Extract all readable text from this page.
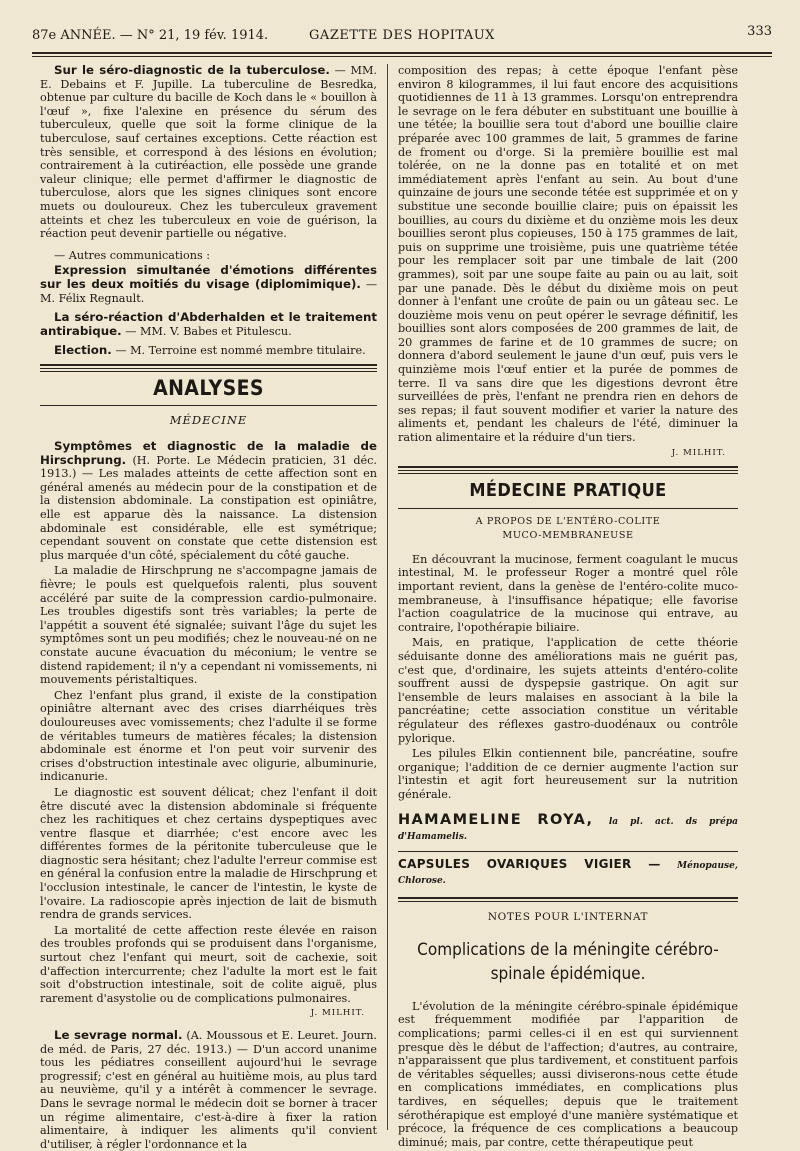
87e ANNÉE. — N° 21, 19 fév. 1914.	GAZETTE DES HOPITAUX	333

Sur le séro-diagnostic de la tuberculose. — MM. E. Debains et F. Jupille. La tuberculine de Besredka, obtenue par culture du bacille de Koch dans le « bouillon à l'œuf », fixe l'alexine en présence du sérum des tuberculeux, quelle que soit la forme clinique de la tuberculose, sauf certaines exceptions. Cette réaction est très sensible, et correspond à des lésions en évolution; contrairement à la cutiréaction, elle possède une grande valeur clinique; elle permet d'affirmer le diagnostic de tuberculose, alors que les signes cliniques sont encore muets ou douloureux. Chez les tuberculeux gravement atteints et chez les tuberculeux en voie de guérison, la réaction peut devenir partielle ou négative.

— Autres communications :

Expression simultanée d'émotions différentes sur les deux moitiés du visage (diplomimique). — M. Félix Regnault.

La séro-réaction d'Abderhalden et le traitement antirabique. — MM. V. Babes et Pitulescu.

Election. — M. Terroine est nommé membre titulaire.

ANALYSES
MÉDECINE

Symptômes et diagnostic de la maladie de Hirschprung. (H. Porte. Le Médecin praticien, 31 déc. 1913.) — Les malades atteints de cette affection sont en général amenés au médecin pour de la constipation et de la distension abdominale. La constipation est opiniâtre, elle est apparue dès la naissance. La distension abdominale est considérable, elle est symétrique; cependant souvent on constate que cette distension est plus marquée d'un côté, spécialement du côté gauche.

La maladie de Hirschprung ne s'accompagne jamais de fièvre; le pouls est quelquefois ralenti, plus souvent accéléré par suite de la compression cardio-pulmonaire. Les troubles digestifs sont très variables; la perte de l'appétit a souvent été signalée; suivant l'âge du sujet les symptômes sont un peu modifiés; chez le nouveau-né on ne constate aucune évacuation du méconium; le ventre se distend rapidement; il n'y a cependant ni vomissements, ni mouvements péristaltiques.

Chez l'enfant plus grand, il existe de la constipation opiniâtre alternant avec des crises diarrhéiques très douloureuses avec vomissements; chez l'adulte il se forme de véritables tumeurs de matières fécales; la distension abdominale est énorme et l'on peut voir survenir des crises d'obstruction intestinale avec oligurie, albuminurie, indicanurie.

Le diagnostic est souvent délicat; chez l'enfant il doit être discuté avec la distension abdominale si fréquente chez les rachitiques et chez certains dyspeptiques avec ventre flasque et diarrhée; c'est encore avec les différentes formes de la péritonite tuberculeuse que le diagnostic sera hésitant; chez l'adulte l'erreur commise est en général la confusion entre la maladie de Hirschprung et l'occlusion intestinale, le cancer de l'intestin, le kyste de l'ovaire. La radioscopie après injection de lait de bismuth rendra de grands services.

La mortalité de cette affection reste élevée en raison des troubles profonds qui se produisent dans l'organisme, surtout chez l'enfant qui meurt, soit de cachexie, soit d'affection intercurrente; chez l'adulte la mort est le fait soit d'obstruction intestinale, soit de colite aiguë, plus rarement d'asystolie ou de complications pulmonaires.

J. MILHIT.

Le sevrage normal. (A. Moussous et E. Leuret. Journ. de méd. de Paris, 27 déc. 1913.) — D'un accord unanime tous les pédiatres conseillent aujourd'hui le sevrage progressif; c'est en général au huitième mois, au plus tard au neuvième, qu'il y a intérêt à commencer le sevrage. Dans le sevrage normal le médecin doit se borner à tracer un régime alimentaire, c'est-à-dire à fixer la ration alimentaire, à indiquer les aliments qu'il convient d'utiliser, à régler l'ordonnance et la

composition des repas; à cette époque l'enfant pèse environ 8 kilogrammes, il lui faut encore des acquisitions quotidiennes de 11 à 13 grammes. Lorsqu'on entreprendra le sevrage on le fera débuter en substituant une bouillie à une tétée; la bouillie sera tout d'abord une bouillie claire préparée avec 100 grammes de lait, 5 grammes de farine de froment ou d'orge. Si la première bouillie est mal tolérée, on ne la donne pas en totalité et on met immédiatement après l'enfant au sein. Au bout d'une quinzaine de jours une seconde tétée est supprimée et on y substitue une seconde bouillie claire; puis on épaissit les bouillies, au cours du dixième et du onzième mois les deux bouillies seront plus copieuses, 150 à 175 grammes de lait, puis on supprime une troisième, puis une quatrième tétée pour les remplacer soit par une timbale de lait (200 grammes), soit par une soupe faite au pain ou au lait, soit par une panade. Dès le début du dixième mois on peut donner à l'enfant une croûte de pain ou un gâteau sec. Le douzième mois venu on peut opérer le sevrage définitif, les bouillies sont alors composées de 200 grammes de lait, de 20 grammes de farine et de 10 grammes de sucre; on donnera d'abord seulement le jaune d'un œuf, puis vers le quinzième mois l'œuf entier et la purée de pommes de terre. Il va sans dire que les digestions devront être surveillées de près, l'enfant ne prendra rien en dehors de ses repas; il faut souvent modifier et varier la nature des aliments et, pendant les chaleurs de l'été, diminuer la ration alimentaire et la réduire d'un tiers.

J. MILHIT.
MÉDECINE PRATIQUE
A PROPOS DE L'ENTÉRO-COLITE
MUCO-MEMBRANEUSE

En découvrant la mucinose, ferment coagulant le mucus intestinal, M. le professeur Roger a montré quel rôle important revient, dans la genèse de l'entéro-colite muco-membraneuse, à l'insuffisance hépatique; elle favorise l'action coagulatrice de la mucinose qui entrave, au contraire, l'opothérapie biliaire.

Mais, en pratique, l'application de cette théorie séduisante donne des améliorations mais ne guérit pas, c'est que, d'ordinaire, les sujets atteints d'entéro-colite souffrent aussi de dyspepsie gastrique. On agit sur l'ensemble de leurs malaises en associant à la bile la pancréatine; cette association constitue un véritable régulateur des réflexes gastro-duodénaux ou contrôle pylorique.

Les pilules Elkin contiennent bile, pancréatine, soufre organique; l'addition de ce dernier augmente l'action sur l'intestin et agit fort heureusement sur la nutrition générale.

HAMAMELINE ROYA, la pl. act. ds prépa d'Hamamelis.
CAPSULES OVARIQUES VIGIER — Ménopause, Chlorose.
NOTES POUR L'INTERNAT
Complications de la méningite cérébro-spinale épidémique.

L'évolution de la méningite cérébro-spinale épidémique est fréquemment modifiée par l'apparition de complications; parmi celles-ci il en est qui surviennent presque dès le début de l'affection; d'autres, au contraire, n'apparaissent que plus tardivement, et constituent parfois de véritables séquelles; aussi diviserons-nous cette étude en complications immédiates, en complications plus tardives, en séquelles; depuis que le traitement sérothérapique est employé d'une manière systématique et précoce, la fréquence de ces complications a beaucoup diminué; mais, par contre, cette thérapeutique peut
